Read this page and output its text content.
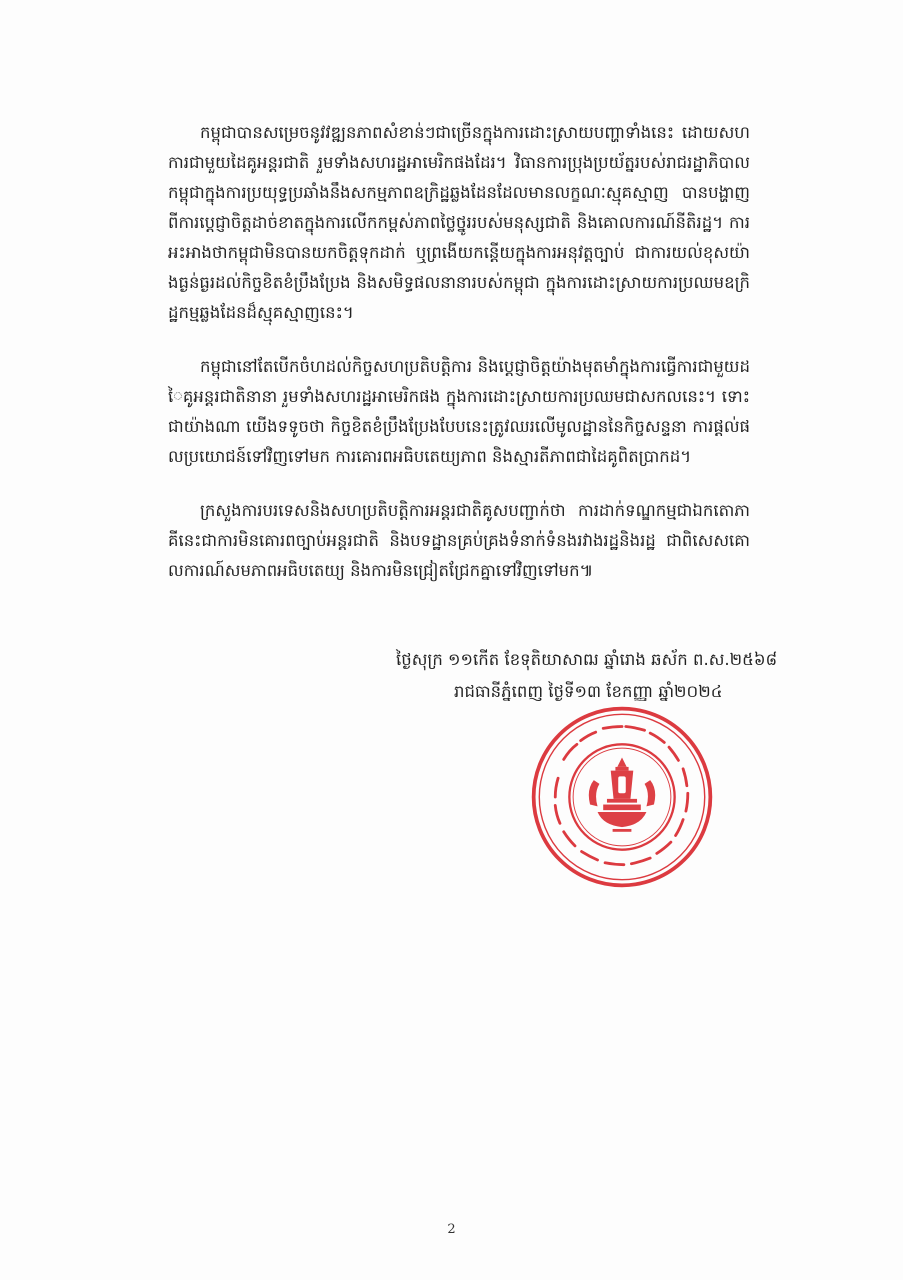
កម្ពុជាបានសម្រេចនូវវឌ្ឍនភាពសំខាន់ៗជាច្រើនក្នុងការដោះស្រាយបញ្ហាទាំងនេះ ដោយសហការជាមួយដៃគូអន្តរជាតិ រួមទាំងសហរដ្ឋអាមេរិកផងដែរ។ វិធានការប្រុងប្រយ័ត្នរបស់រាជរដ្ឋាភិបាលកម្ពុជាក្នុងការប្រយុទ្ធប្រឆាំងនឹងសកម្មភាពឧក្រិដ្ឋឆ្លងដែនដែលមានលក្ខណៈស្មុគស្មាញ បានបង្ហាញពីការប្តេជ្ញាចិត្តដាច់ខាតក្នុងការលើកកម្ពស់ភាពថ្លៃថ្នូររបស់មនុស្សជាតិ និងគោលការណ៍នីតិរដ្ឋ។ ការអះអាងថាកម្ពុជាមិនបានយកចិត្តទុកដាក់ ឬព្រងើយកន្តើយក្នុងការអនុវត្តច្បាប់ ជាការយល់ខុសយ៉ាងធ្ងន់ធ្ងរដល់កិច្ចខិតខំប្រឹងប្រែង និងសមិទ្ធផលនានារបស់កម្ពុជា ក្នុងការដោះស្រាយការប្រឈមឧក្រិដ្ឋកម្មឆ្លងដែនដ៏ស្មុគស្មាញនេះ។

កម្ពុជានៅតែបើកចំហដល់កិច្ចសហប្រតិបត្តិការ និងប្តេជ្ញាចិត្តយ៉ាងមុតមាំក្នុងការធ្វើការជាមួយដៃគូអន្តរជាតិនានា រួមទាំងសហរដ្ឋអាមេរិកផង ក្នុងការដោះស្រាយការប្រឈមជាសកលនេះ។ ទោះជាយ៉ាងណា យើងទទូចថា កិច្ចខិតខំប្រឹងប្រែងបែបនេះត្រូវឈរលើមូលដ្ឋាននៃកិច្ចសន្ទនា ការផ្តល់ផលប្រយោជន៍ទៅវិញទៅមក ការគោរពអធិបតេយ្យភាព និងស្មារតីភាពជាដៃគូពិតប្រាកដ។

ក្រសួងការបរទេសនិងសហប្រតិបត្តិការអន្តរជាតិគូសបញ្ជាក់ថា ការដាក់ទណ្ឌកម្មជាឯកតោភាគីនេះជាការមិនគោរពច្បាប់អន្តរជាតិ និងបទដ្ឋានគ្រប់គ្រងទំនាក់ទំនងរវាងរដ្ឋនិងរដ្ឋ ជាពិសេសគោលការណ៍សមភាពអធិបតេយ្យ និងការមិនជ្រៀតជ្រែកគ្នាទៅវិញទៅមក៕

ថ្ងៃសុក្រ ១១កើត ខែទុតិយាសាឍ ឆ្នាំរោង ឆស័ក ព.ស.២៥៦៨
រាជធានីភ្នំពេញ ថ្ងៃទី១៣ ខែកញ្ញា ឆ្នាំ២០២៤
2
